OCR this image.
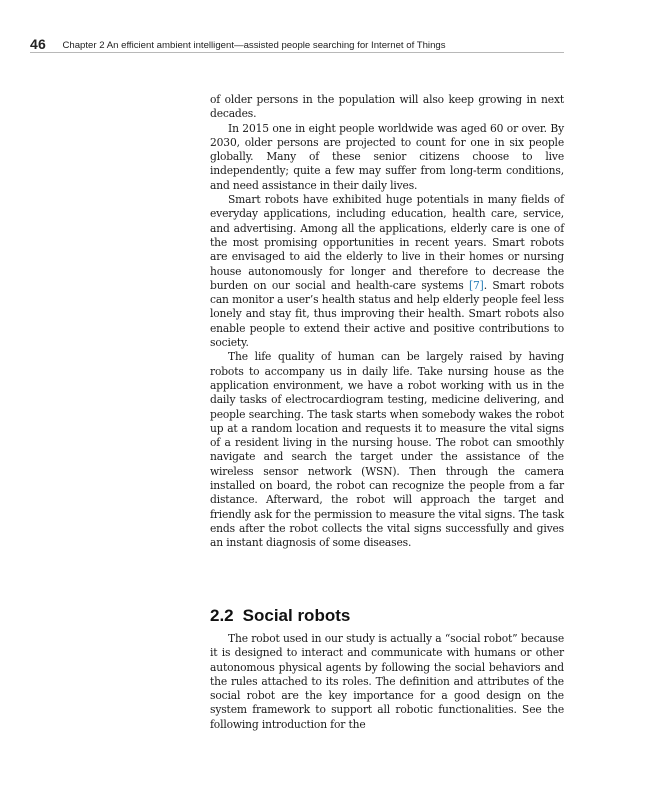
46 Chapter 2 An efficient ambient intelligent—assisted people searching for Internet of Things

of older persons in the population will also keep growing in next decades.

In 2015 one in eight people worldwide was aged 60 or over. By 2030, older persons are projected to count for one in six people globally. Many of these senior citizens choose to live independently; quite a few may suffer from long-term conditions, and need assistance in their daily lives.

Smart robots have exhibited huge potentials in many fields of everyday applications, including education, health care, service, and advertising. Among all the applications, elderly care is one of the most promising opportunities in recent years. Smart robots are envisaged to aid the elderly to live in their homes or nursing house autonomously for longer and therefore to decrease the burden on our social and health-care systems [7]. Smart robots can monitor a user’s health status and help elderly people feel less lonely and stay fit, thus improving their health. Smart robots also enable people to extend their active and positive contributions to society.

The life quality of human can be largely raised by having robots to accompany us in daily life. Take nursing house as the application environment, we have a robot working with us in the daily tasks of electrocardiogram testing, medicine delivering, and people searching. The task starts when somebody wakes the robot up at a random location and requests it to measure the vital signs of a resident living in the nursing house. The robot can smoothly navigate and search the target under the assistance of the wireless sensor network (WSN). Then through the camera installed on board, the robot can recognize the people from a far distance. Afterward, the robot will approach the target and friendly ask for the permission to measure the vital signs. The task ends after the robot collects the vital signs successfully and gives an instant diagnosis of some diseases.

2.2 Social robots

The robot used in our study is actually a “social robot” because it is designed to interact and communicate with humans or other autonomous physical agents by following the social behaviors and the rules attached to its roles. The definition and attributes of the social robot are the key importance for a good design on the system framework to support all robotic functionalities. See the following introduction for the
